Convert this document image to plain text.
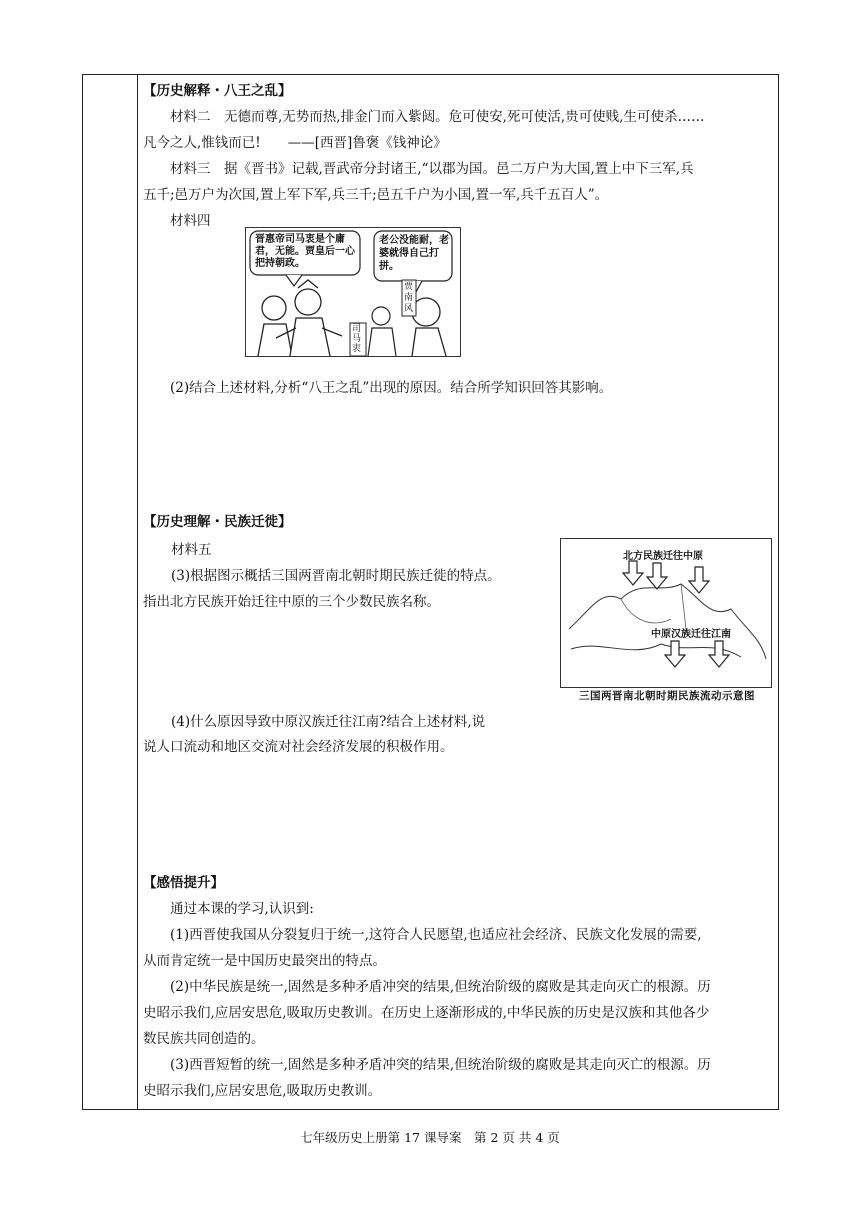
【历史解释・八王之乱】

材料二　无德而尊,无势而热,排金门而入紫闼。危可使安,死可使活,贵可使贱,生可使杀……

凡今之人,惟钱而已!　　——[西晋]鲁褒《钱神论》

材料三　据《晋书》记载,晋武帝分封诸王,“以郡为国。邑二万户为大国,置上中下三军,兵

五千;邑万户为次国,置上军下军,兵三千;邑五千户为小国,置一军,兵千五百人”。

材料四

晋惠帝司马衷是个庸君，无能。贾皇后一心把持朝政。
老公没能耐，老婆就得自己打拼。
司马衷
贾南风

(2)结合上述材料,分析“八王之乱”出现的原因。结合所学知识回答其影响。

【历史理解・民族迁徙】

材料五

(3)根据图示概括三国两晋南北朝时期民族迁徙的特点。

指出北方民族开始迁往中原的三个少数民族名称。

北方民族迁往中原
中原汉族迁往江南
三国两晋南北朝时期民族流动示意图

(4)什么原因导致中原汉族迁往江南?结合上述材料,说

说人口流动和地区交流对社会经济发展的积极作用。

【感悟提升】

通过本课的学习,认识到:

(1)西晋使我国从分裂复归于统一,这符合人民愿望,也适应社会经济、民族文化发展的需要,

从而肯定统一是中国历史最突出的特点。

(2)中华民族是统一,固然是多种矛盾冲突的结果,但统治阶级的腐败是其走向灭亡的根源。历

史昭示我们,应居安思危,吸取历史教训。在历史上逐渐形成的,中华民族的历史是汉族和其他各少

数民族共同创造的。

(3)西晋短暂的统一,固然是多种矛盾冲突的结果,但统治阶级的腐败是其走向灭亡的根源。历

史昭示我们,应居安思危,吸取历史教训。

七年级历史上册第 17 课导案　第 2 页 共 4 页
